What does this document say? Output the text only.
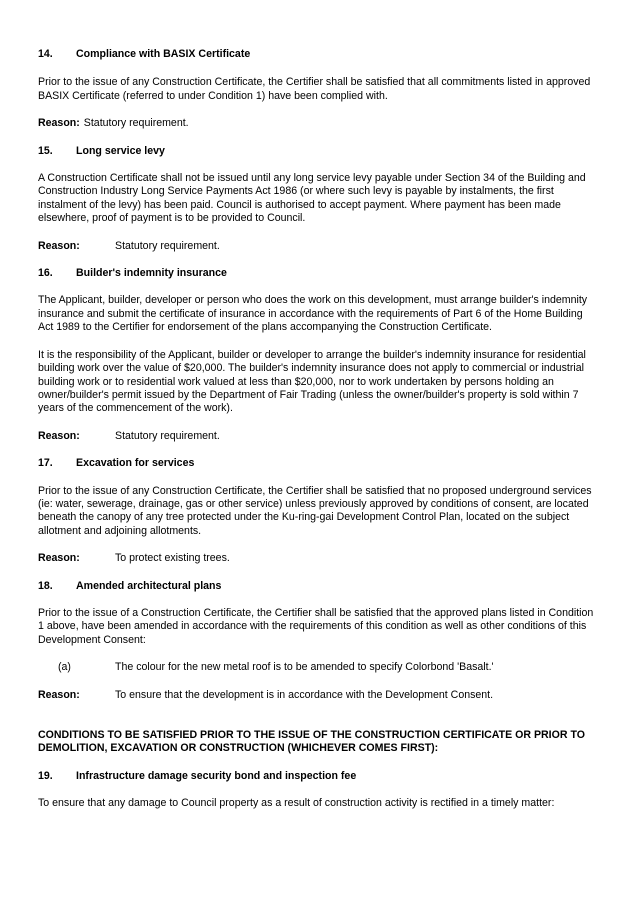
14.	Compliance with BASIX Certificate

Prior to the issue of any Construction Certificate, the Certifier shall be satisfied that all commitments listed in approved BASIX Certificate (referred to under Condition 1) have been complied with.

Reason: Statutory requirement.
15.	Long service levy

A Construction Certificate shall not be issued until any long service levy payable under Section 34 of the Building and Construction Industry Long Service Payments Act 1986 (or where such levy is payable by instalments, the first instalment of the levy) has been paid. Council is authorised to accept payment. Where payment has been made elsewhere, proof of payment is to be provided to Council.

Reason:	Statutory requirement.
16.	Builder's indemnity insurance

The Applicant, builder, developer or person who does the work on this development, must arrange builder's indemnity insurance and submit the certificate of insurance in accordance with the requirements of Part 6 of the Home Building Act 1989 to the Certifier for endorsement of the plans accompanying the Construction Certificate.

It is the responsibility of the Applicant, builder or developer to arrange the builder's indemnity insurance for residential building work over the value of $20,000. The builder's indemnity insurance does not apply to commercial or industrial building work or to residential work valued at less than $20,000, nor to work undertaken by persons holding an owner/builder's permit issued by the Department of Fair Trading (unless the owner/builder's property is sold within 7 years of the commencement of the work).

Reason:	Statutory requirement.
17.	Excavation for services

Prior to the issue of any Construction Certificate, the Certifier shall be satisfied that no proposed underground services (ie: water, sewerage, drainage, gas or other service) unless previously approved by conditions of consent, are located beneath the canopy of any tree protected under the Ku-ring-gai Development Control Plan, located on the subject allotment and adjoining allotments.

Reason:	To protect existing trees.
18.	Amended architectural plans

Prior to the issue of a Construction Certificate, the Certifier shall be satisfied that the approved plans listed in Condition 1 above, have been amended in accordance with the requirements of this condition as well as other conditions of this Development Consent:

(a)	The colour for the new metal roof is to be amended to specify Colorbond 'Basalt.'
Reason:	To ensure that the development is in accordance with the Development Consent.

CONDITIONS TO BE SATISFIED PRIOR TO THE ISSUE OF THE CONSTRUCTION CERTIFICATE OR PRIOR TO DEMOLITION, EXCAVATION OR CONSTRUCTION (WHICHEVER COMES FIRST):

19.	Infrastructure damage security bond and inspection fee

To ensure that any damage to Council property as a result of construction activity is rectified in a timely matter:
